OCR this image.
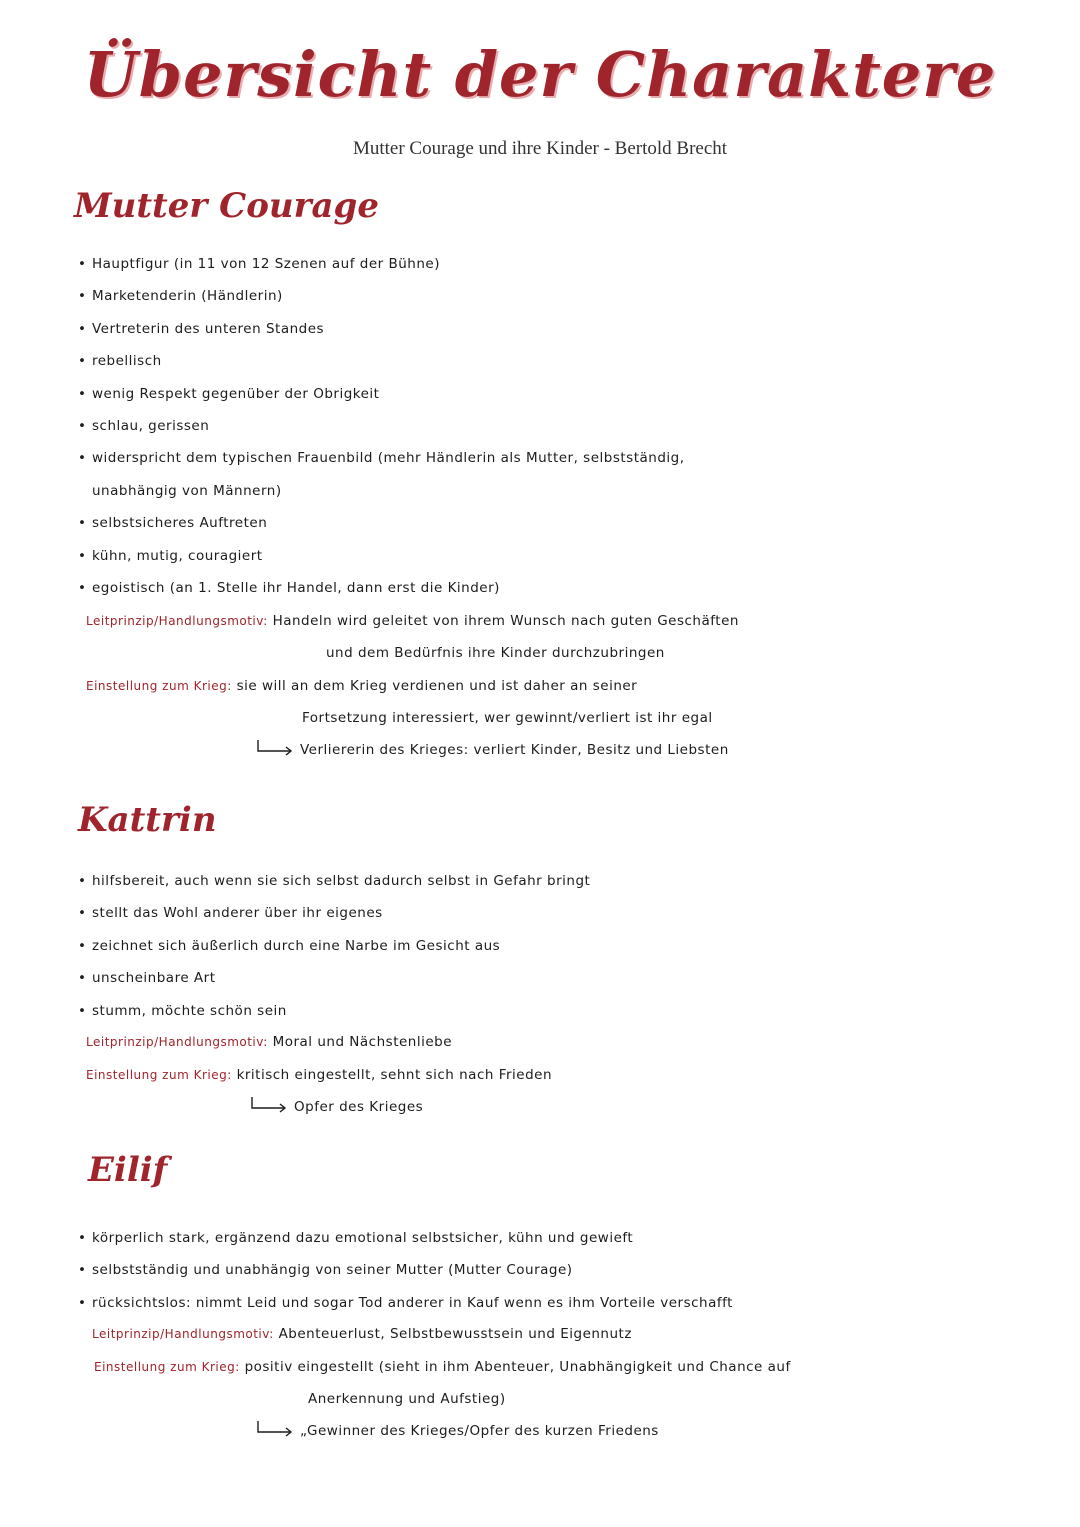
Übersicht der Charaktere
Mutter Courage und ihre Kinder - Bertold Brecht
Mutter Courage
• Hauptfigur (in 11 von 12 Szenen auf der Bühne)
• Marketenderin (Händlerin)
• Vertreterin des unteren Standes
• rebellisch
• wenig Respekt gegenüber der Obrigkeit
• schlau, gerissen
• widerspricht dem typischen Frauenbild (mehr Händlerin als Mutter, selbstständig,
unabhängig von Männern)
• selbstsicheres Auftreten
• kühn, mutig, couragiert
• egoistisch (an 1. Stelle ihr Handel, dann erst die Kinder)
Leitprinzip/Handlungsmotiv: Handeln wird geleitet von ihrem Wunsch nach guten Geschäften
und dem Bedürfnis ihre Kinder durchzubringen
Einstellung zum Krieg: sie will an dem Krieg verdienen und ist daher an seiner
Fortsetzung interessiert, wer gewinnt/verliert ist ihr egal
Verliererin des Krieges: verliert Kinder, Besitz und Liebsten
Kattrin
• hilfsbereit, auch wenn sie sich selbst dadurch selbst in Gefahr bringt
• stellt das Wohl anderer über ihr eigenes
• zeichnet sich äußerlich durch eine Narbe im Gesicht aus
• unscheinbare Art
• stumm, möchte schön sein
Leitprinzip/Handlungsmotiv: Moral und Nächstenliebe
Einstellung zum Krieg: kritisch eingestellt, sehnt sich nach Frieden
Opfer des Krieges
Eilif
• körperlich stark, ergänzend dazu emotional selbstsicher, kühn und gewieft
• selbstständig und unabhängig von seiner Mutter (Mutter Courage)
• rücksichtslos: nimmt Leid und sogar Tod anderer in Kauf wenn es ihm Vorteile verschafft
Leitprinzip/Handlungsmotiv: Abenteuerlust, Selbstbewusstsein und Eigennutz
Einstellung zum Krieg: positiv eingestellt (sieht in ihm Abenteuer, Unabhängigkeit und Chance auf
Anerkennung und Aufstieg)
„Gewinner des Krieges/Opfer des kurzen Friedens
